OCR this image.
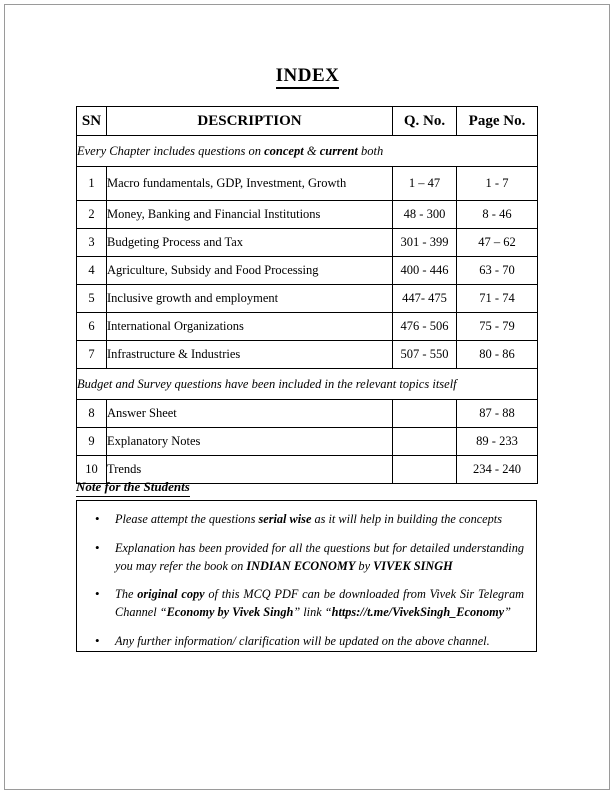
INDEX
SN	DESCRIPTION	Q. No.	Page No.
Every Chapter includes questions on concept & current both			
1	Macro fundamentals, GDP, Investment, Growth	1 – 47	1 - 7
2	Money, Banking and Financial Institutions	48 - 300	8 - 46
3	Budgeting Process and Tax	301 - 399	47 – 62
4	Agriculture, Subsidy and Food Processing	400 - 446	63 - 70
5	Inclusive growth and employment	447- 475	71 - 74
6	International Organizations	476 - 506	75 - 79
7	Infrastructure & Industries	507 - 550	80 - 86
Budget and Survey questions have been included in the relevant topics itself			
8	Answer Sheet		87 - 88
9	Explanatory Notes		89 - 233
10	Trends		234 - 240
Note for the Students
• Please attempt the questions serial wise as it will help in building the concepts
• Explanation has been provided for all the questions but for detailed understanding you may refer the book on INDIAN ECONOMY by VIVEK SINGH
• The original copy of this MCQ PDF can be downloaded from Vivek Sir Telegram Channel “Economy by Vivek Singh” link “https://t.me/VivekSingh_Economy”
• Any further information/ clarification will be updated on the above channel.
